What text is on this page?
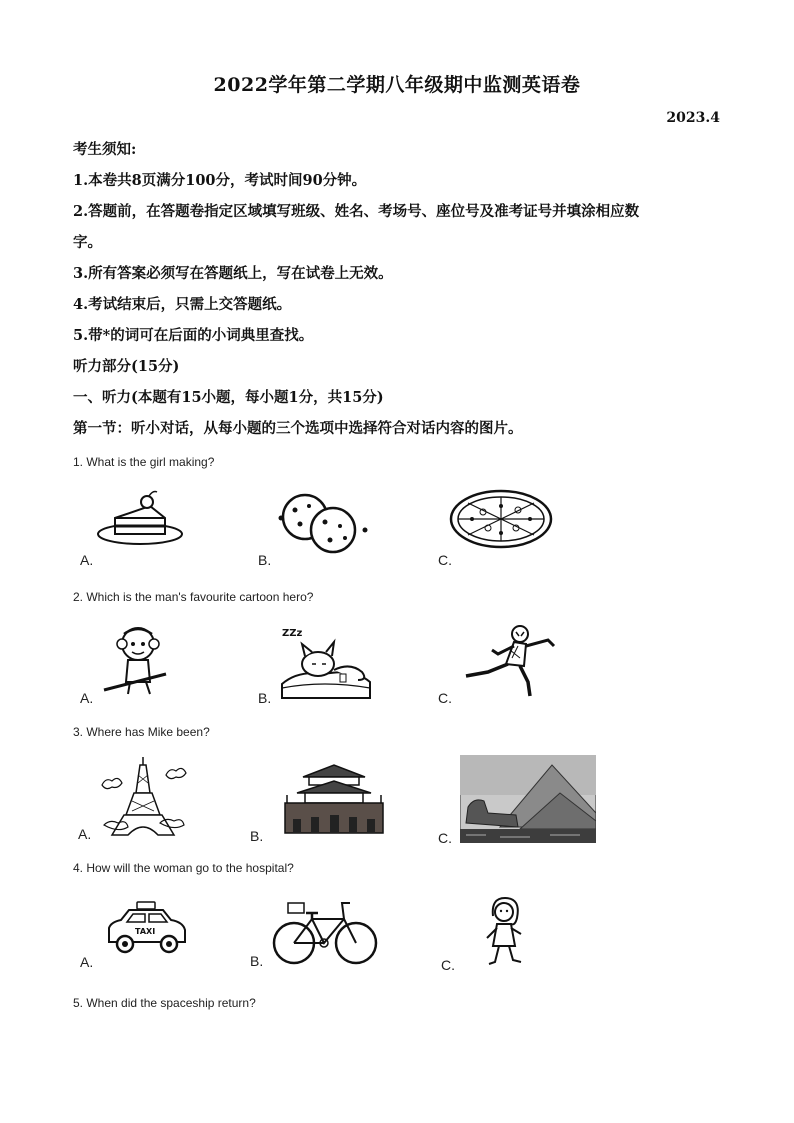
2022学年第二学期八年级期中监测英语卷
2023.4
考生须知:
1.本卷共8页满分100分，考试时间90分钟。
2.答题前，在答题卷指定区域填写班级、姓名、考场号、座位号及准考证号并填涂相应数
字。
3.所有答案必须写在答题纸上，写在试卷上无效。
4.考试结束后，只需上交答题纸。
5.带*的词可在后面的小词典里查找。
听力部分(15分)
一、听力(本题有15小题，每小题1分，共15分)
第一节：听小对话，从每小题的三个选项中选择符合对话内容的图片。
1. What is the girl making?
A.	B.	C.
2. Which is the man's favourite cartoon hero?
A.
ZZz
B.	C.
3. Where has Mike been?
A.	B.	C.
4. How will the woman go to the hospital?
TAXI
A.	B.	C.
5. When did the spaceship return?
